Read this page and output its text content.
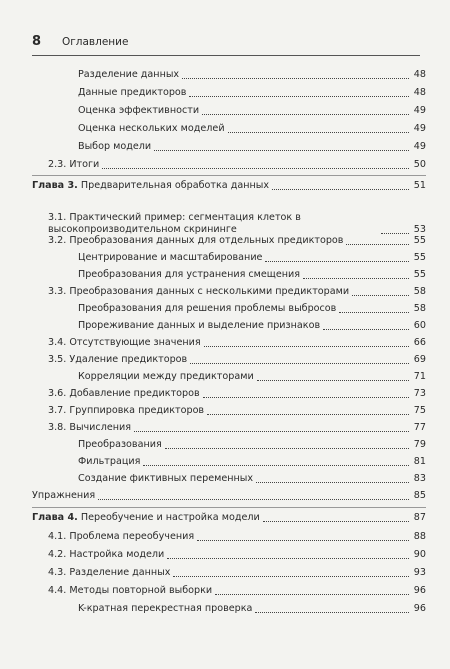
8	Оглавление
Разделение данных	48
Данные предикторов	48
Оценка эффективности	49
Оценка нескольких моделей	49
Выбор модели	49
2.3. Итоги	50
Глава 3. Предварительная обработка данных	51
3.1. Практический пример: сегментация клеток в высокопроизводительном скрининге	53
3.2. Преобразования данных для отдельных предикторов	55
Центрирование и масштабирование	55
Преобразования для устранения смещения	55
3.3. Преобразования данных с несколькими предикторами	58
Преобразования для решения проблемы выбросов	58
Прореживание данных и выделение признаков	60
3.4. Отсутствующие значения	66
3.5. Удаление предикторов	69
Корреляции между предикторами	71
3.6. Добавление предикторов	73
3.7. Группировка предикторов	75
3.8. Вычисления	77
Преобразования	79
Фильтрация	81
Создание фиктивных переменных	83
Упражнения	85
Глава 4. Переобучение и настройка модели	87
4.1. Проблема переобучения	88
4.2. Настройка модели	90
4.3. Разделение данных	93
4.4. Методы повторной выборки	96
K-кратная перекрестная проверка	96
